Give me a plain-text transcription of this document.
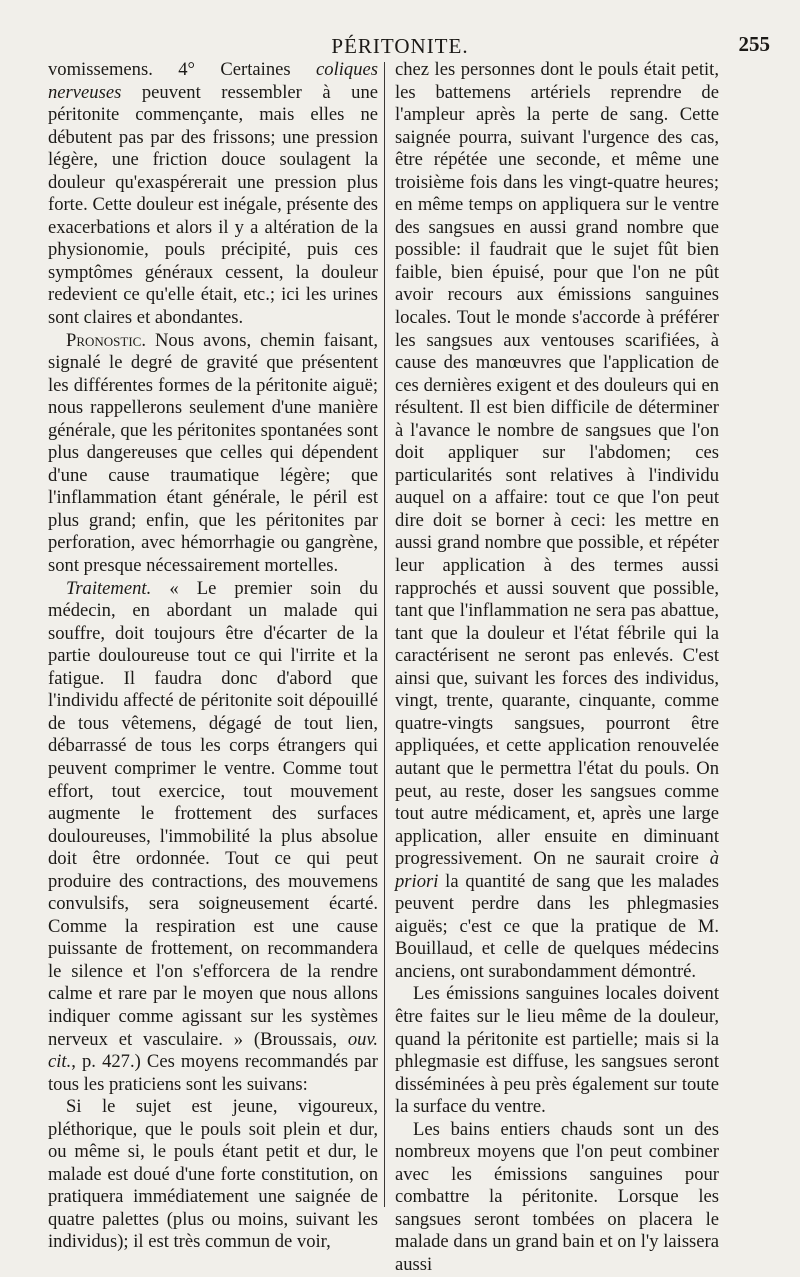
PÉRITONITE.	255

vomissemens. 4° Certaines coliques nerveuses peuvent ressembler à une péritonite commençante, mais elles ne débutent pas par des frissons; une pression légère, une friction douce soulagent la douleur qu'exaspérerait une pression plus forte. Cette douleur est inégale, présente des exacerbations et alors il y a altération de la physionomie, pouls précipité, puis ces symptômes généraux cessent, la douleur redevient ce qu'elle était, etc.; ici les urines sont claires et abondantes.

Pronostic. Nous avons, chemin faisant, signalé le degré de gravité que présentent les différentes formes de la péritonite aiguë; nous rappellerons seulement d'une manière générale, que les péritonites spontanées sont plus dangereuses que celles qui dépendent d'une cause traumatique légère; que l'inflammation étant générale, le péril est plus grand; enfin, que les péritonites par perforation, avec hémorrhagie ou gangrène, sont presque nécessairement mortelles.

Traitement. « Le premier soin du médecin, en abordant un malade qui souffre, doit toujours être d'écarter de la partie douloureuse tout ce qui l'irrite et la fatigue. Il faudra donc d'abord que l'individu affecté de péritonite soit dépouillé de tous vêtemens, dégagé de tout lien, débarrassé de tous les corps étrangers qui peuvent comprimer le ventre. Comme tout effort, tout exercice, tout mouvement augmente le frottement des surfaces douloureuses, l'immobilité la plus absolue doit être ordonnée. Tout ce qui peut produire des contractions, des mouvemens convulsifs, sera soigneusement écarté. Comme la respiration est une cause puissante de frottement, on recommandera le silence et l'on s'efforcera de la rendre calme et rare par le moyen que nous allons indiquer comme agissant sur les systèmes nerveux et vasculaire. » (Broussais, ouv. cit., p. 427.) Ces moyens recommandés par tous les praticiens sont les suivans:

Si le sujet est jeune, vigoureux, pléthorique, que le pouls soit plein et dur, ou même si, le pouls étant petit et dur, le malade est doué d'une forte constitution, on pratiquera immédiatement une saignée de quatre palettes (plus ou moins, suivant les individus); il est très commun de voir,

chez les personnes dont le pouls était petit, les battemens artériels reprendre de l'ampleur après la perte de sang. Cette saignée pourra, suivant l'urgence des cas, être répétée une seconde, et même une troisième fois dans les vingt-quatre heures; en même temps on appliquera sur le ventre des sangsues en aussi grand nombre que possible: il faudrait que le sujet fût bien faible, bien épuisé, pour que l'on ne pût avoir recours aux émissions sanguines locales. Tout le monde s'accorde à préférer les sangsues aux ventouses scarifiées, à cause des manœuvres que l'application de ces dernières exigent et des douleurs qui en résultent. Il est bien difficile de déterminer à l'avance le nombre de sangsues que l'on doit appliquer sur l'abdomen; ces particularités sont relatives à l'individu auquel on a affaire: tout ce que l'on peut dire doit se borner à ceci: les mettre en aussi grand nombre que possible, et répéter leur application à des termes aussi rapprochés et aussi souvent que possible, tant que l'inflammation ne sera pas abattue, tant que la douleur et l'état fébrile qui la caractérisent ne seront pas enlevés. C'est ainsi que, suivant les forces des individus, vingt, trente, quarante, cinquante, comme quatre-vingts sangsues, pourront être appliquées, et cette application renouvelée autant que le permettra l'état du pouls. On peut, au reste, doser les sangsues comme tout autre médicament, et, après une large application, aller ensuite en diminuant progressivement. On ne saurait croire à priori la quantité de sang que les malades peuvent perdre dans les phlegmasies aiguës; c'est ce que la pratique de M. Bouillaud, et celle de quelques médecins anciens, ont surabondamment démontré.

Les émissions sanguines locales doivent être faites sur le lieu même de la douleur, quand la péritonite est partielle; mais si la phlegmasie est diffuse, les sangsues seront disséminées à peu près également sur toute la surface du ventre.

Les bains entiers chauds sont un des nombreux moyens que l'on peut combiner avec les émissions sanguines pour combattre la péritonite. Lorsque les sangsues seront tombées on placera le malade dans un grand bain et on l'y laissera aussi
